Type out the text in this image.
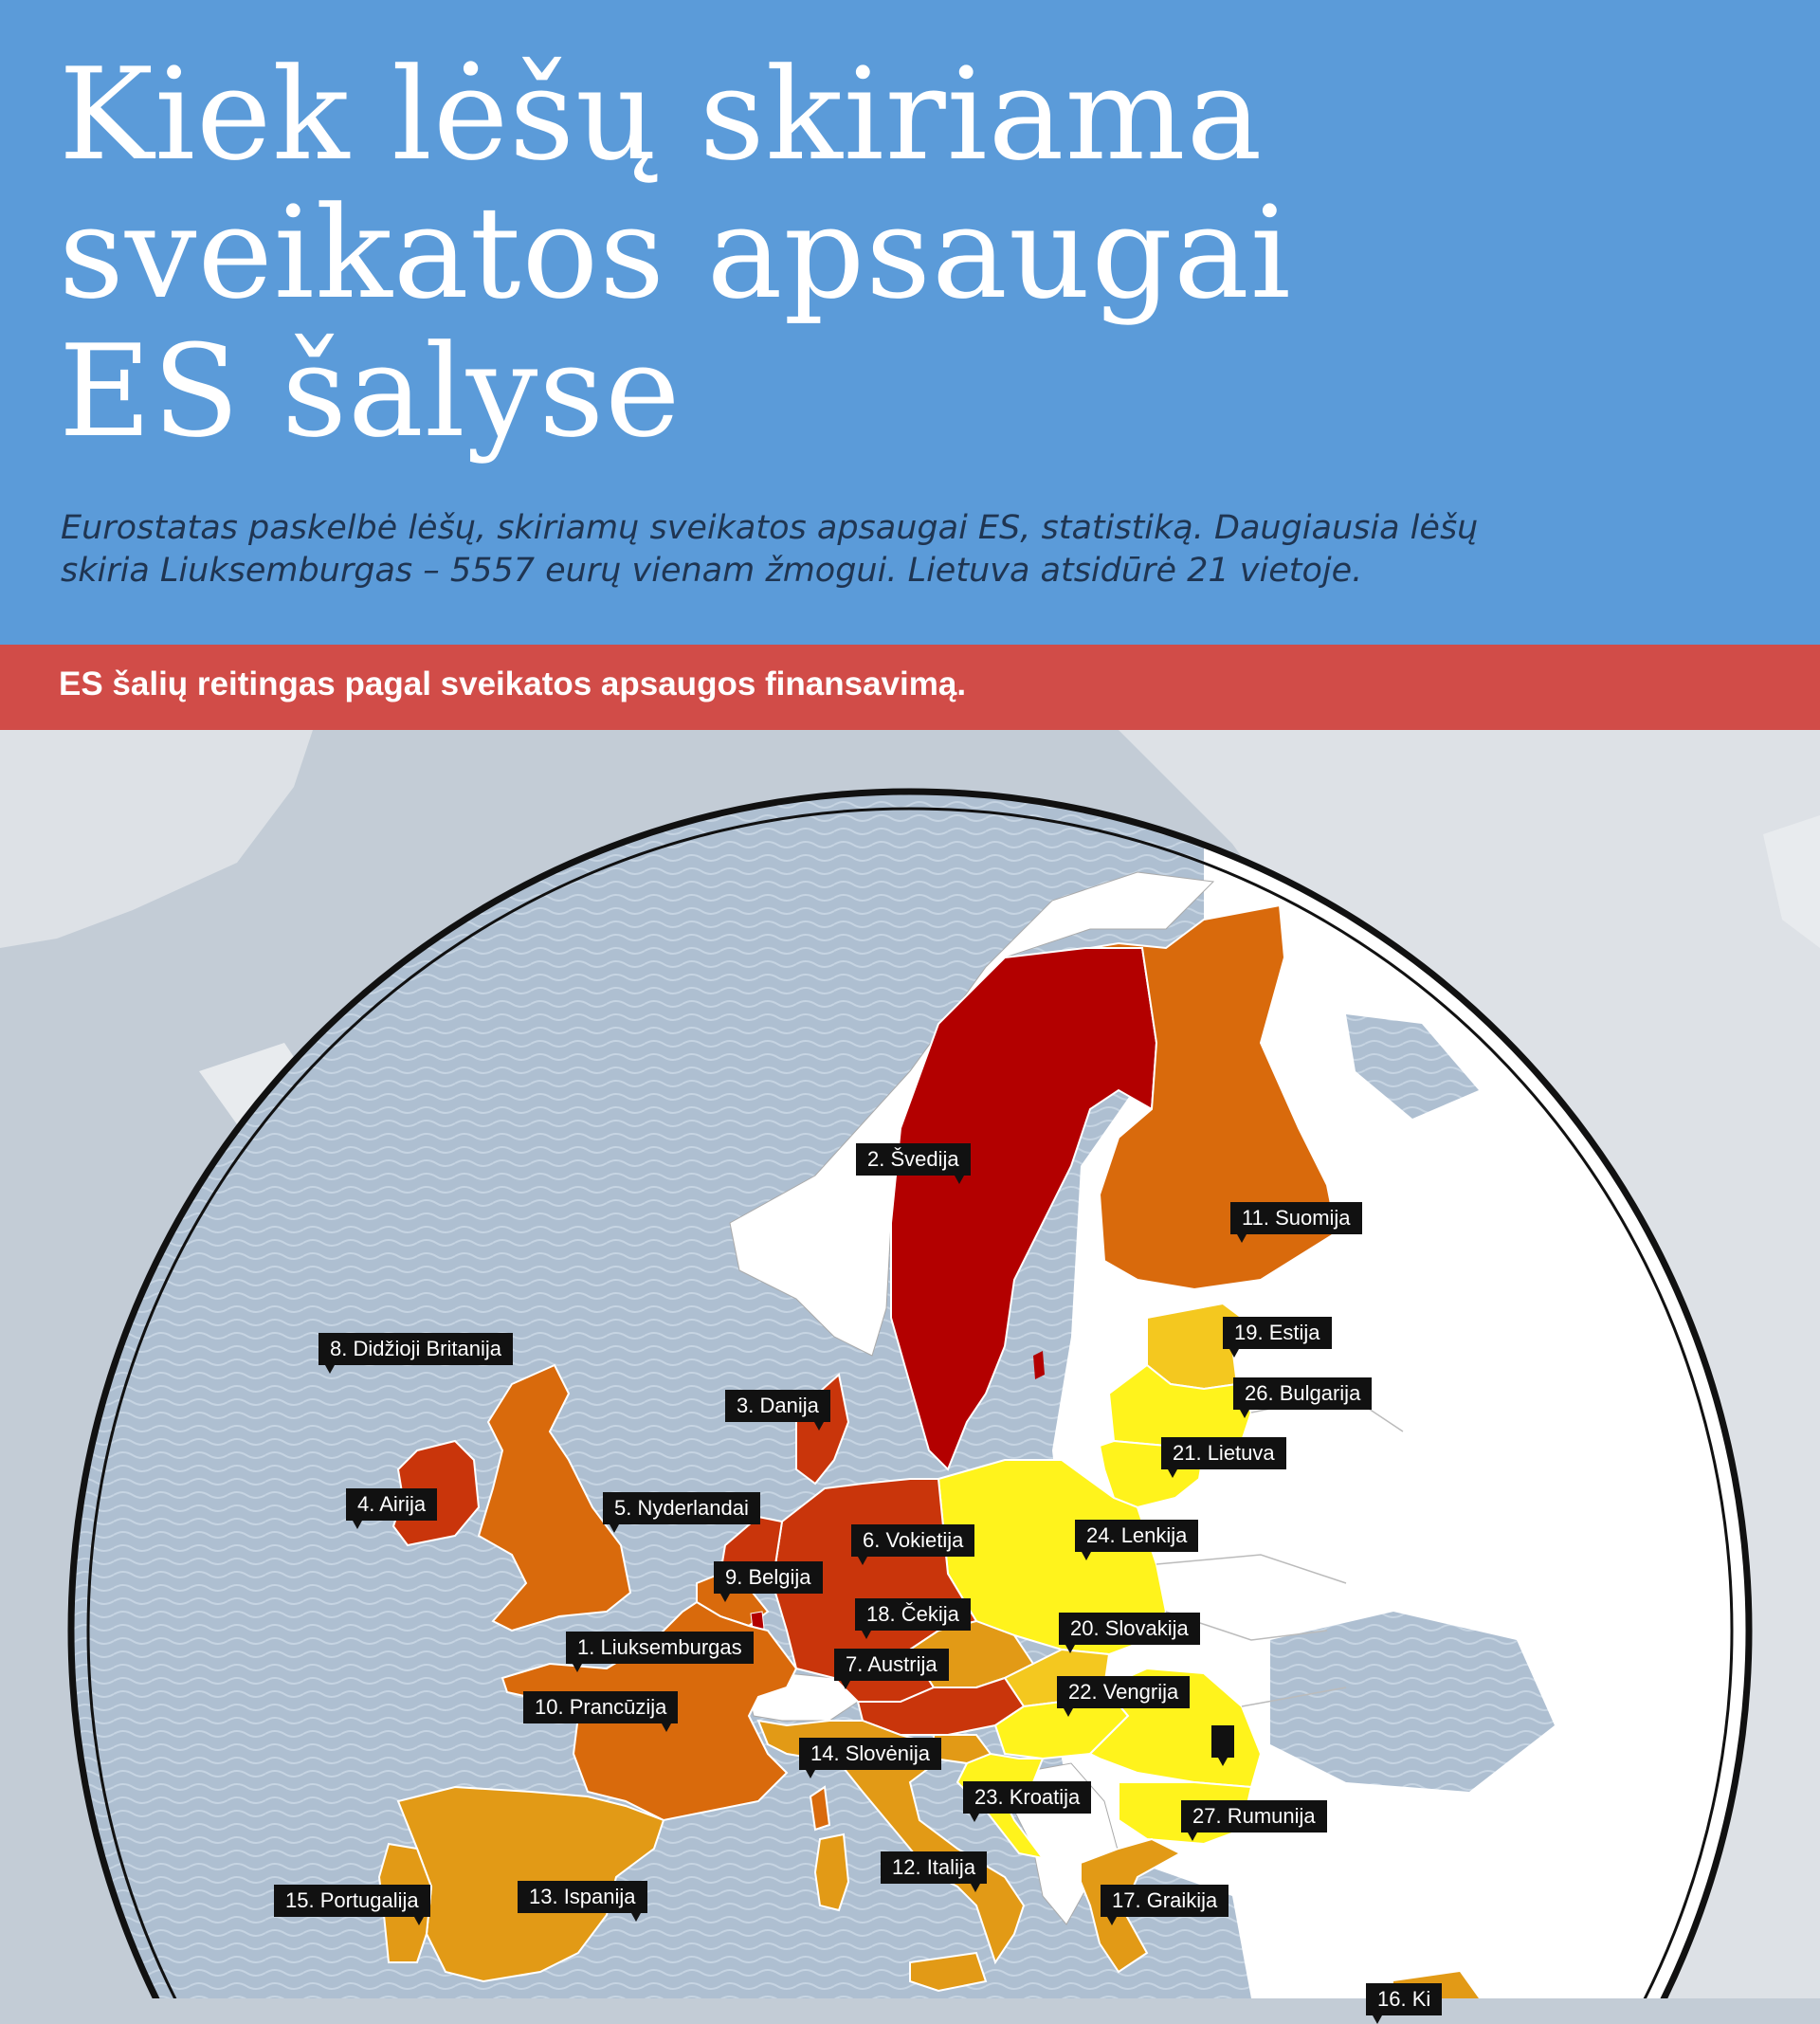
Kiek lėšų skiriama
sveikatos apsaugai
ES šalyse

Eurostatas paskelbė lėšų, skiriamų sveikatos apsaugai ES, statistiką. Daugiausia lėšų
skiria Liuksemburgas – 5557 eurų vienam žmogui. Lietuva atsidūrė 21 vietoje.

ES šalių reitingas pagal sveikatos apsaugos finansavimą.
2. Švedija
11. Suomija
8. Didžioji Britanija
19. Estija
26. Bulgarija
3. Danija
21. Lietuva
4. Airija	5. Nyderlandai
6. Vokietija	24. Lenkija
9. Belgija
18. Čekija
20. Slovakija
1. Liuksemburgas
7. Austrija
22. Vengrija
10. Prancūzija
14. Slovėnija
23. Kroatija
27. Rumunija
12. Italija
13. Ispanija
15. Portugalija	17. Graikija
16. Ki
